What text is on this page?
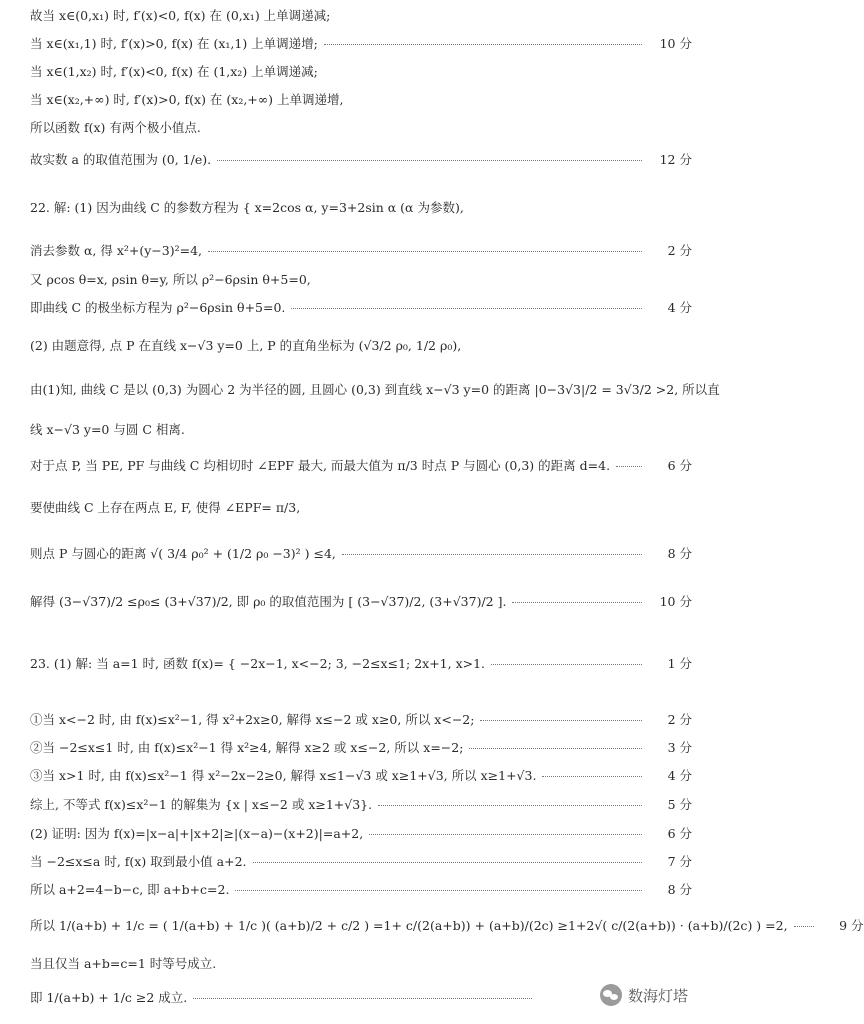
故当 x∈(0,x₁) 时, f′(x)<0, f(x) 在 (0,x₁) 上单调递减;
当 x∈(x₁,1) 时, f′(x)>0, f(x) 在 (x₁,1) 上单调递增;	10 分
当 x∈(1,x₂) 时, f′(x)<0, f(x) 在 (1,x₂) 上单调递减;
当 x∈(x₂,+∞) 时, f′(x)>0, f(x) 在 (x₂,+∞) 上单调递增,
所以函数 f(x) 有两个极小值点.
故实数 a 的取值范围为 (0, 1/e).	12 分
22. 解: (1) 因为曲线 C 的参数方程为 { x=2cos α, y=3+2sin α (α 为参数),
消去参数 α, 得 x²+(y−3)²=4,	2 分
又 ρcos θ=x, ρsin θ=y, 所以 ρ²−6ρsin θ+5=0,
即曲线 C 的极坐标方程为 ρ²−6ρsin θ+5=0.	4 分
(2) 由题意得, 点 P 在直线 x−√3 y=0 上, P 的直角坐标为 (√3/2 ρ₀, 1/2 ρ₀),
由(1)知, 曲线 C 是以 (0,3) 为圆心 2 为半径的圆, 且圆心 (0,3) 到直线 x−√3 y=0 的距离 |0−3√3|/2 = 3√3/2 >2, 所以直
线 x−√3 y=0 与圆 C 相离.
对于点 P, 当 PE, PF 与曲线 C 均相切时 ∠EPF 最大, 而最大值为 π/3 时点 P 与圆心 (0,3) 的距离 d=4.	6 分
要使曲线 C 上存在两点 E, F, 使得 ∠EPF= π/3,
则点 P 与圆心的距离 √( 3/4 ρ₀² + (1/2 ρ₀ −3)² ) ≤4,	8 分
解得 (3−√37)/2 ≤ρ₀≤ (3+√37)/2, 即 ρ₀ 的取值范围为 [ (3−√37)/2, (3+√37)/2 ].	10 分
23. (1) 解: 当 a=1 时, 函数 f(x)= { −2x−1, x<−2; 3, −2≤x≤1; 2x+1, x>1.	1 分
①当 x<−2 时, 由 f(x)≤x²−1, 得 x²+2x≥0, 解得 x≤−2 或 x≥0, 所以 x<−2;	2 分
②当 −2≤x≤1 时, 由 f(x)≤x²−1 得 x²≥4, 解得 x≥2 或 x≤−2, 所以 x=−2;	3 分
③当 x>1 时, 由 f(x)≤x²−1 得 x²−2x−2≥0, 解得 x≤1−√3 或 x≥1+√3, 所以 x≥1+√3.	4 分
综上, 不等式 f(x)≤x²−1 的解集为 {x | x≤−2 或 x≥1+√3}.	5 分
(2) 证明: 因为 f(x)=|x−a|+|x+2|≥|(x−a)−(x+2)|=a+2,	6 分
当 −2≤x≤a 时, f(x) 取到最小值 a+2.	7 分
所以 a+2=4−b−c, 即 a+b+c=2.	8 分
所以 1/(a+b) + 1/c = ( 1/(a+b) + 1/c )( (a+b)/2 + c/2 ) =1+ c/(2(a+b)) + (a+b)/(2c) ≥1+2√( c/(2(a+b)) · (a+b)/(2c) ) =2,	9 分
当且仅当 a+b=c=1 时等号成立.
即 1/(a+b) + 1/c ≥2 成立.	数海灯塔
